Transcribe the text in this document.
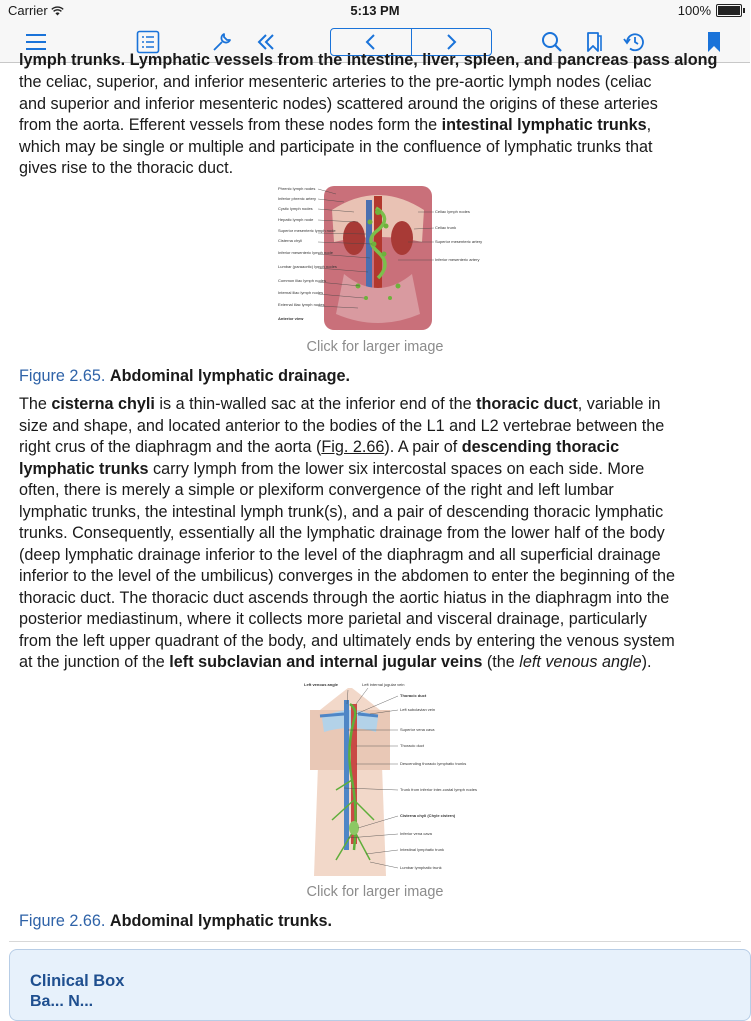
Carrier	5:13 PM	100%

lymph trunks. Lymphatic vessels from the intestine, liver, spleen, and pancreas pass along

the celiac, superior, and inferior mesenteric arteries to the pre-aortic lymph nodes (celiac
and superior and inferior mesenteric nodes) scattered around the origins of these arteries
from the aorta. Efferent vessels from these nodes form the intestinal lymphatic trunks,
which may be single or multiple and participate in the confluence of lymphatic trunks that
gives rise to the thoracic duct.

Phrenic lymph nodes
Inferior phrenic artery
Cystic lymph nodes
Hepatic lymph node
Superior mesenteric lymph node
Cisterna chyli
Inferior mesenteric lymph node
Lumbar (paraaortic) lymph nodes
Common iliac lymph nodes
Internal iliac lymph nodes
External iliac lymph nodes
Anterior view
Celiac lymph nodes
Celiac trunk
Superior mesenteric artery
Inferior mesenteric artery
Click for larger image
Figure 2.65. Abdominal lymphatic drainage.

The cisterna chyli is a thin-walled sac at the inferior end of the thoracic duct, variable in
size and shape, and located anterior to the bodies of the L1 and L2 vertebrae between the
right crus of the diaphragm and the aorta (Fig. 2.66). A pair of descending thoracic
lymphatic trunks carry lymph from the lower six intercostal spaces on each side. More
often, there is merely a simple or plexiform convergence of the right and left lumbar
lymphatic trunks, the intestinal lymph trunk(s), and a pair of descending thoracic lymphatic
trunks. Consequently, essentially all the lymphatic drainage from the lower half of the body
(deep lymphatic drainage inferior to the level of the diaphragm and all superficial drainage
inferior to the level of the umbilicus) converges in the abdomen to enter the beginning of the
thoracic duct. The thoracic duct ascends through the aortic hiatus in the diaphragm into the
posterior mediastinum, where it collects more parietal and visceral drainage, particularly
from the left upper quadrant of the body, and ultimately ends by entering the venous system
at the junction of the left subclavian and internal jugular veins (the left venous angle).

Left venous angle	Left internal jugular vein
Thoracic duct
Left subclavian vein
Superior vena cava
Thoracic duct
Descending thoracic lymphatic trunks
Trunk from inferior inter-costal lymph nodes
Cisterna chyli (Chyle cistern)
Inferior vena cava
Intestinal lymphatic trunk
Lumbar lymphatic trunk
Click for larger image
Figure 2.66. Abdominal lymphatic trunks.
Clinical Box
Ba... N...
